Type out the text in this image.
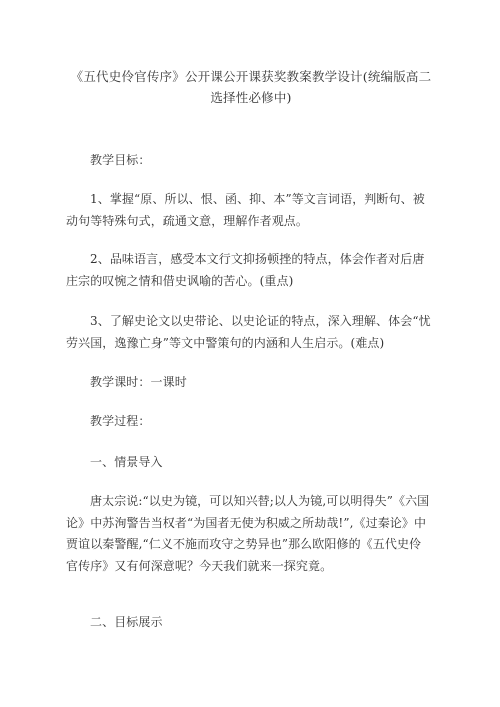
《五代史伶官传序》公开课公开课获奖教案教学设计(统编版高二选择性必修中)
教学目标：
1、掌握“原、所以、恨、函、抑、本”等文言词语，判断句、被动句等特殊句式，疏通文意，理解作者观点。
2、品味语言，感受本文行文抑扬顿挫的特点，体会作者对后唐庄宗的叹惋之情和借史讽喻的苦心。(重点)
3、了解史论文以史带论、以史论证的特点，深入理解、体会“忧劳兴国，逸豫亡身”等文中警策句的内涵和人生启示。(难点)
教学课时：一课时
教学过程：
一、情景导入
唐太宗说:“以史为镜，可以知兴替;以人为镜,可以明得失”《六国论》中苏洵警告当权者“为国者无使为积威之所劫哉!”,《过秦论》中贾谊以秦警醒,“仁义不施而攻守之势异也”那么欧阳修的《五代史伶官传序》又有何深意呢？今天我们就来一探究竟。
二、目标展示
